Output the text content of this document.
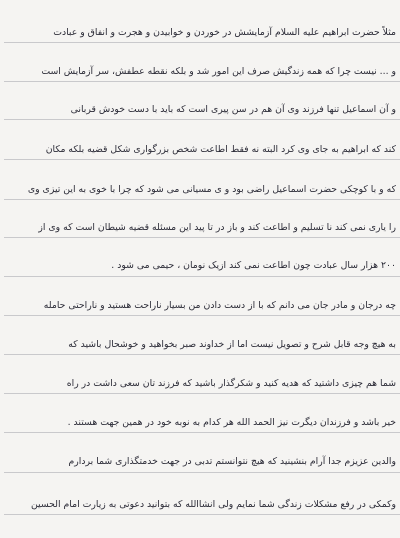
مثلاً حضرت ابراهیم علیه السلام آزمایشش در خوردن و خوابیدن و هجرت و انفاق و عبادت
و ... نیست چرا که همه زندگیش صرف این امور شد و بلکه نقطه عطفش، سر آزمایش است
و آن اسماعیل تنها فرزند وی آن هم در سن پیری است که باید با دست خودش قربانی
کند که ابراهیم به جای وی کرد البته نه فقط اطاعت شخص بزرگواری شکل قضیه بلکه مکان
که و با کوچکی حضرت اسماعیل راضی بود و ی مسیانی می شود که چرا با خوی به این تیزی وی
را یاری نمی کند نا تسلیم و اطاعت کند و باز در تا پید این مسئله قضیه شیطان است که وی از
۲۰۰ هزار سال عبادت چون اطاعت نمی کند ازیک نومان ، حیمی می شود .
چه درجان و مادر جان می دانم که با از دست دادن من بسیار ناراحت هستید و ناراحتی حامله
به هیچ وجه قابل شرح و تصویل نیست اما از خداوند صبر بخواهید و خوشحال باشید که
شما هم چیزی داشتید که هدیه کنید و شکرگذار باشید که فرزند تان سعی داشت در راه
خیر باشد و فرزندان دیگرت نیز الحمد الله هر کدام به نوبه خود در همین جهت هستند .
والدین عزیزم جدا آرام بنشینید که هیچ نتوانستم تدبی در جهت خدمتگذاری شما بردارم
وکمکی در رفع مشکلات زندگی شما نمایم ولی انشاالله که بتوانید دعوتی به زیارت امام الحسین
